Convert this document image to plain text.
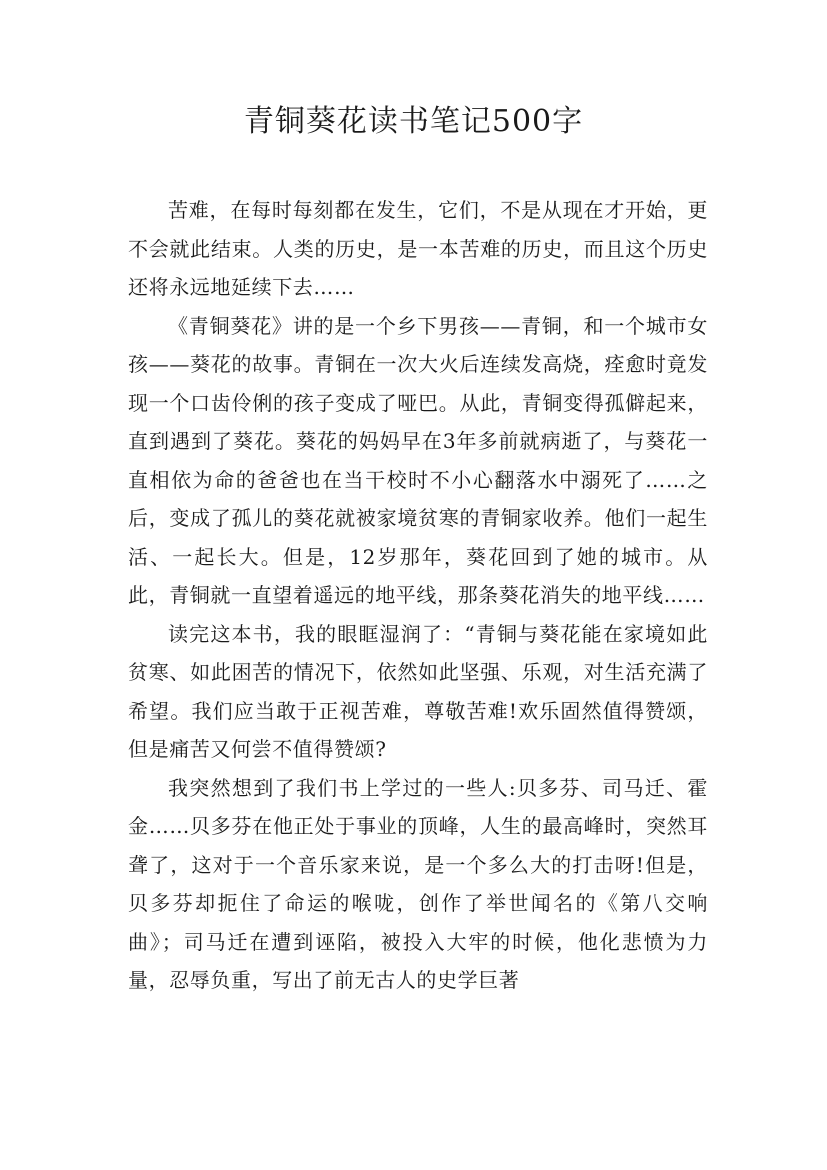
青铜葵花读书笔记500字

苦难，在每时每刻都在发生，它们，不是从现在才开始，更不会就此结束。人类的历史，是一本苦难的历史，而且这个历史还将永远地延续下去……

《青铜葵花》讲的是一个乡下男孩——青铜，和一个城市女孩——葵花的故事。青铜在一次大火后连续发高烧，痊愈时竟发现一个口齿伶俐的孩子变成了哑巴。从此，青铜变得孤僻起来，直到遇到了葵花。葵花的妈妈早在3年多前就病逝了，与葵花一直相依为命的爸爸也在当干校时不小心翻落水中溺死了……之后，变成了孤儿的葵花就被家境贫寒的青铜家收养。他们一起生活、一起长大。但是，12岁那年，葵花回到了她的城市。从此，青铜就一直望着遥远的地平线，那条葵花消失的地平线……

读完这本书，我的眼眶湿润了：“青铜与葵花能在家境如此贫寒、如此困苦的情况下，依然如此坚强、乐观，对生活充满了希望。我们应当敢于正视苦难，尊敬苦难!欢乐固然值得赞颂，但是痛苦又何尝不值得赞颂?

我突然想到了我们书上学过的一些人:贝多芬、司马迁、霍金……贝多芬在他正处于事业的顶峰，人生的最高峰时，突然耳聋了，这对于一个音乐家来说，是一个多么大的打击呀!但是，贝多芬却扼住了命运的喉咙，创作了举世闻名的《第八交响曲》；司马迁在遭到诬陷，被投入大牢的时候，他化悲愤为力量，忍辱负重，写出了前无古人的史学巨著
